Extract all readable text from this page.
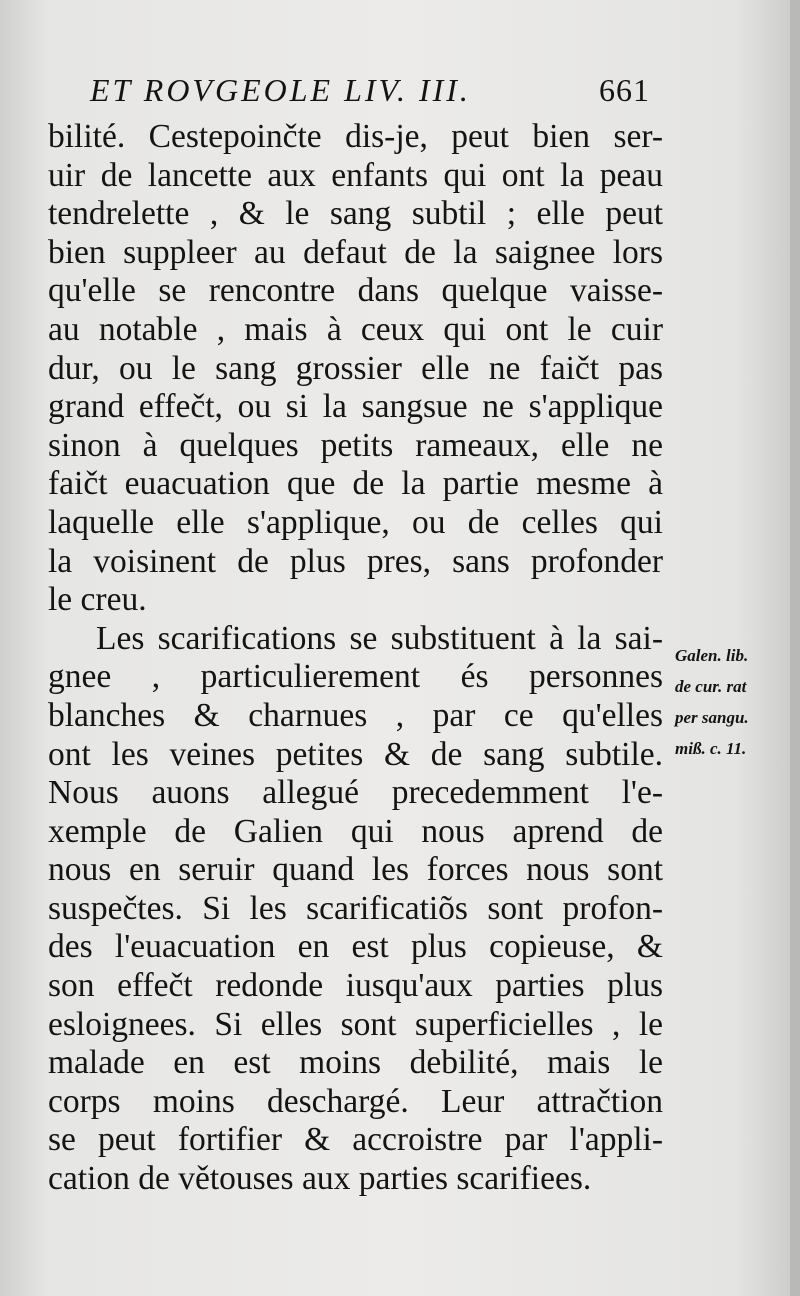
ET ROVGEOLE LIV. III.	661
bilité. Cestepoinčte dis-je, peut bien ser-
uir de lancette aux enfants qui ont la peau
tendrelette , & le sang subtil ; elle peut
bien suppleer au defaut de la saignee lors
qu'elle se rencontre dans quelque vaisse-
au notable , mais à ceux qui ont le cuir
dur, ou le sang grossier elle ne faičt pas
grand effečt, ou si la sangsue ne s'applique
sinon à quelques petits rameaux, elle ne
faičt euacuation que de la partie mesme à
laquelle elle s'applique, ou de celles qui
la voisinent de plus pres, sans profonder
le creu.
Les scarifications se substituent à la sai-
gnee , particulierement és personnes
blanches & charnues , par ce qu'elles
ont les veines petites & de sang subtile.
Nous auons allegué precedemment l'e-
xemple de Galien qui nous aprend de
nous en seruir quand les forces nous sont
suspečtes. Si les scarificatiõs sont profon-
des l'euacuation en est plus copieuse, &
son effečt redonde iusqu'aux parties plus
esloignees. Si elles sont superficielles , le
malade en est moins debilité, mais le
corps moins deschargé. Leur attračtion
se peut fortifier & accroistre par l'appli-
cation de větouses aux parties scarifiees.
Galen. lib.
de cur. rat
per sangu.
miß. c. 11.
